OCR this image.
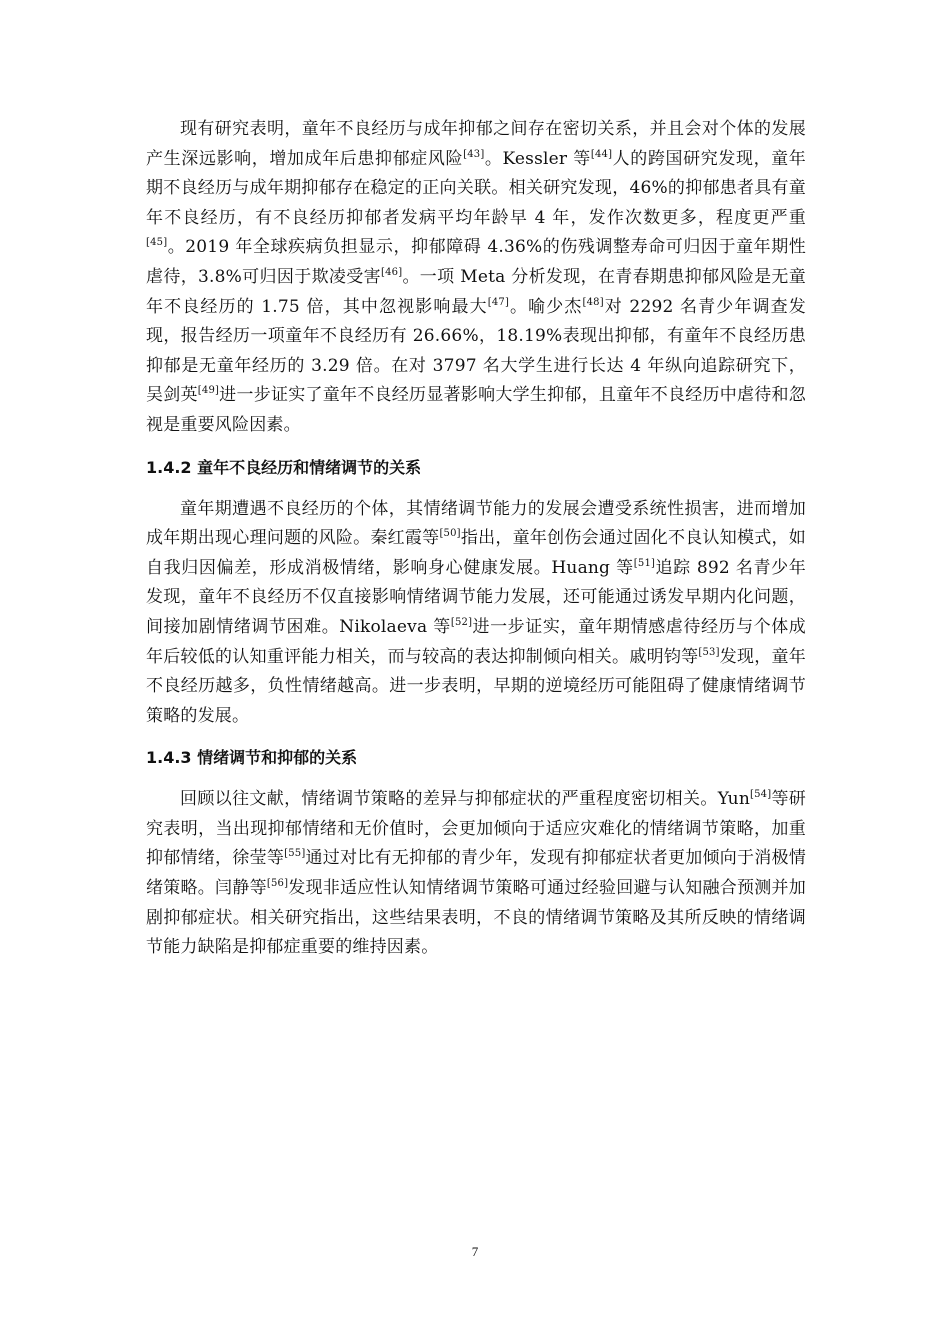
现有研究表明，童年不良经历与成年抑郁之间存在密切关系，并且会对个体的发展产生深远影响，增加成年后患抑郁症风险[43]。Kessler 等[44]人的跨国研究发现，童年期不良经历与成年期抑郁存在稳定的正向关联。相关研究发现，46%的抑郁患者具有童年不良经历，有不良经历抑郁者发病平均年龄早 4 年，发作次数更多，程度更严重[45]。2019 年全球疾病负担显示，抑郁障碍 4.36%的伤残调整寿命可归因于童年期性虐待，3.8%可归因于欺凌受害[46]。一项 Meta 分析发现，在青春期患抑郁风险是无童年不良经历的 1.75 倍，其中忽视影响最大[47]。喻少杰[48]对 2292 名青少年调查发现，报告经历一项童年不良经历有 26.66%，18.19%表现出抑郁，有童年不良经历患抑郁是无童年经历的 3.29 倍。在对 3797 名大学生进行长达 4 年纵向追踪研究下，吴剑英[49]进一步证实了童年不良经历显著影响大学生抑郁，且童年不良经历中虐待和忽视是重要风险因素。

1.4.2 童年不良经历和情绪调节的关系

童年期遭遇不良经历的个体，其情绪调节能力的发展会遭受系统性损害，进而增加成年期出现心理问题的风险。秦红霞等[50]指出，童年创伤会通过固化不良认知模式，如自我归因偏差，形成消极情绪，影响身心健康发展。Huang 等[51]追踪 892 名青少年发现，童年不良经历不仅直接影响情绪调节能力发展，还可能通过诱发早期内化问题，间接加剧情绪调节困难。Nikolaeva 等[52]进一步证实，童年期情感虐待经历与个体成年后较低的认知重评能力相关，而与较高的表达抑制倾向相关。戚明钧等[53]发现，童年不良经历越多，负性情绪越高。进一步表明，早期的逆境经历可能阻碍了健康情绪调节策略的发展。

1.4.3 情绪调节和抑郁的关系

回顾以往文献，情绪调节策略的差异与抑郁症状的严重程度密切相关。Yun[54]等研究表明，当出现抑郁情绪和无价值时，会更加倾向于适应灾难化的情绪调节策略，加重抑郁情绪，徐莹等[55]通过对比有无抑郁的青少年，发现有抑郁症状者更加倾向于消极情绪策略。闫静等[56]发现非适应性认知情绪调节策略可通过经验回避与认知融合预测并加剧抑郁症状。相关研究指出，这些结果表明，不良的情绪调节策略及其所反映的情绪调节能力缺陷是抑郁症重要的维持因素。

7
